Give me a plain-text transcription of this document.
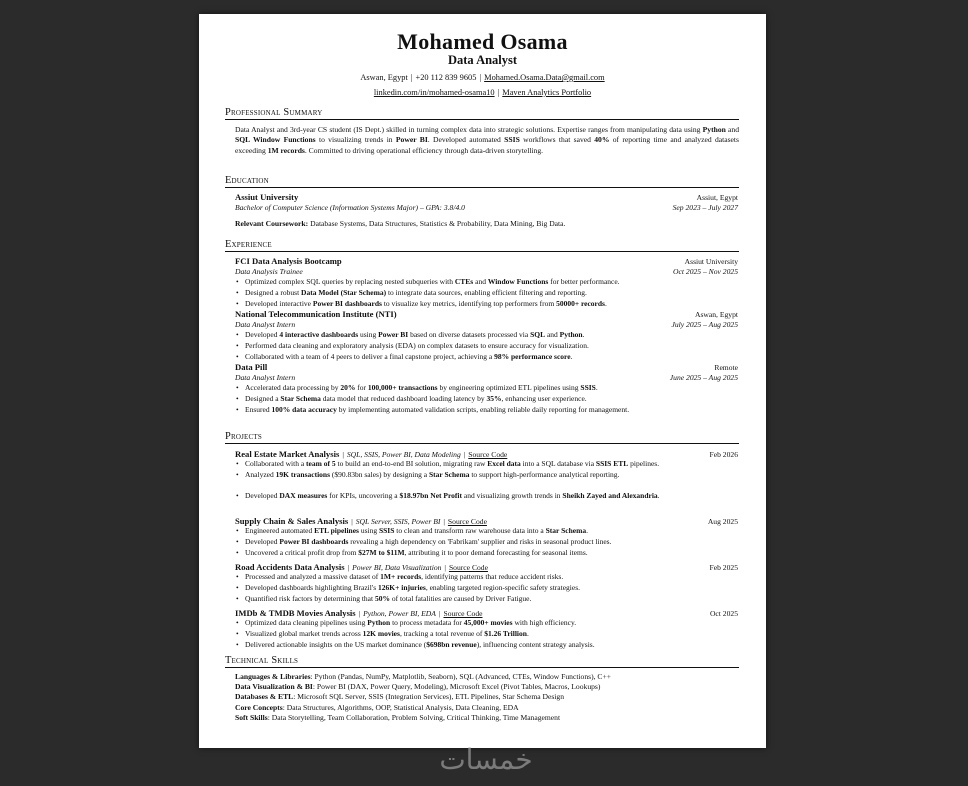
Mohamed Osama
Data Analyst
Aswan, Egypt | +20 112 839 9605 | Mohamed.Osama.Data@gmail.com
linkedin.com/in/mohamed-osama10 | Maven Analytics Portfolio
Professional Summary
Data Analyst and 3rd-year CS student (IS Dept.) skilled in turning complex data into strategic solutions. Expertise ranges from manipulating data using Python and SQL Window Functions to visualizing trends in Power BI. Developed automated SSIS workflows that saved 40% of reporting time and analyzed datasets exceeding 1M records. Committed to driving operational efficiency through data-driven storytelling.
Education
Assiut University	Assiut, Egypt
Bachelor of Computer Science (Information Systems Major) – GPA: 3.8/4.0	Sep 2023 – July 2027
Relevant Coursework: Database Systems, Data Structures, Statistics & Probability, Data Mining, Big Data.
Experience
FCI Data Analysis Bootcamp	Assiut University
Data Analysis Trainee	Oct 2025 – Nov 2025
• Optimized complex SQL queries by replacing nested subqueries with CTEs and Window Functions for better performance.
• Designed a robust Data Model (Star Schema) to integrate data sources, enabling efficient filtering and reporting.
• Developed interactive Power BI dashboards to visualize key metrics, identifying top performers from 50000+ records.
National Telecommunication Institute (NTI)	Aswan, Egypt
Data Analyst Intern	July 2025 – Aug 2025
• Developed 4 interactive dashboards using Power BI based on diverse datasets processed via SQL and Python.
• Performed data cleaning and exploratory analysis (EDA) on complex datasets to ensure accuracy for visualization.
• Collaborated with a team of 4 peers to deliver a final capstone project, achieving a 98% performance score.
Data Pill	Remote
Data Analyst Intern	June 2025 – Aug 2025
• Accelerated data processing by 20% for 100,000+ transactions by engineering optimized ETL pipelines using SSIS.
• Designed a Star Schema data model that reduced dashboard loading latency by 35%, enhancing user experience.
• Ensured 100% data accuracy by implementing automated validation scripts, enabling reliable daily reporting for management.
Projects
Real Estate Market Analysis | SQL, SSIS, Power BI, Data Modeling | Source Code	Feb 2026
• Collaborated with a team of 5 to build an end-to-end BI solution, migrating raw Excel data into a SQL database via SSIS ETL pipelines.
• Analyzed 19K transactions ($90.83bn sales) by designing a Star Schema to support high-performance analytical reporting.
• Developed DAX measures for KPIs, uncovering a $18.97bn Net Profit and visualizing growth trends in Sheikh Zayed and Alexandria.
Supply Chain & Sales Analysis | SQL Server, SSIS, Power BI | Source Code	Aug 2025
• Engineered automated ETL pipelines using SSIS to clean and transform raw warehouse data into a Star Schema.
• Developed Power BI dashboards revealing a high dependency on 'Fabrikam' supplier and risks in seasonal product lines.
• Uncovered a critical profit drop from $27M to $11M, attributing it to poor demand forecasting for seasonal items.
Road Accidents Data Analysis | Power BI, Data Visualization | Source Code	Feb 2025
• Processed and analyzed a massive dataset of 1M+ records, identifying patterns that reduce accident risks.
• Developed dashboards highlighting Brazil's 126K+ injuries, enabling targeted region-specific safety strategies.
• Quantified risk factors by determining that 50% of total fatalities are caused by Driver Fatigue.
IMDb & TMDB Movies Analysis | Python, Power BI, EDA | Source Code	Oct 2025
• Optimized data cleaning pipelines using Python to process metadata for 45,000+ movies with high efficiency.
• Visualized global market trends across 12K movies, tracking a total revenue of $1.26 Trillion.
• Delivered actionable insights on the US market dominance ($698bn revenue), influencing content strategy analysis.
Technical Skills
Languages & Libraries: Python (Pandas, NumPy, Matplotlib, Seaborn), SQL (Advanced, CTEs, Window Functions), C++
Data Visualization & BI: Power BI (DAX, Power Query, Modeling), Microsoft Excel (Pivot Tables, Macros, Lookups)
Databases & ETL: Microsoft SQL Server, SSIS (Integration Services), ETL Pipelines, Star Schema Design
Core Concepts: Data Structures, Algorithms, OOP, Statistical Analysis, Data Cleaning, EDA
Soft Skills: Data Storytelling, Team Collaboration, Problem Solving, Critical Thinking, Time Management
خمسات
